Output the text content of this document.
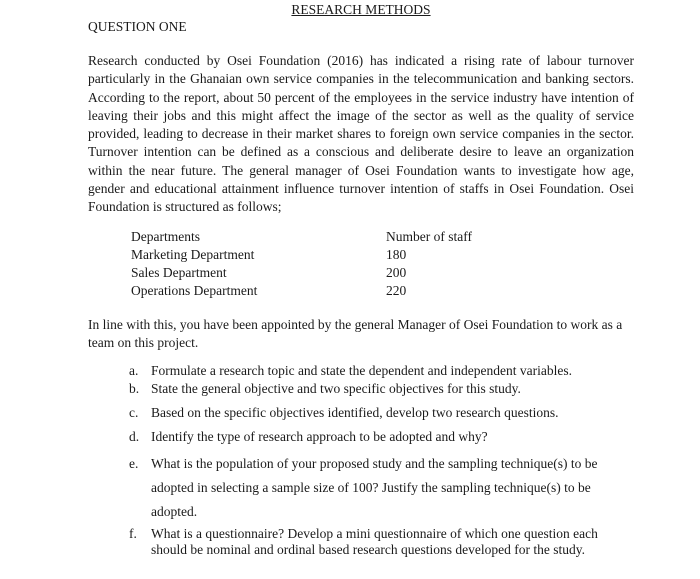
RESEARCH METHODS
QUESTION ONE

Research conducted by Osei Foundation (2016) has indicated a rising rate of labour turnover particularly in the Ghanaian own service companies in the telecommunication and banking sectors. According to the report, about 50 percent of the employees in the service industry have intention of leaving their jobs and this might affect the image of the sector as well as the quality of service provided, leading to decrease in their market shares to foreign own service companies in the sector. Turnover intention can be defined as a conscious and deliberate desire to leave an organization within the near future. The general manager of Osei Foundation wants to investigate how age, gender and educational attainment influence turnover intention of staffs in Osei Foundation. Osei Foundation is structured as follows;

Departments	Number of staff
Marketing Department	180
Sales Department	200
Operations Department	220

In line with this, you have been appointed by the general Manager of Osei Foundation to work as a team on this project.

a. Formulate a research topic and state the dependent and independent variables.
b. State the general objective and two specific objectives for this study.
c. Based on the specific objectives identified, develop two research questions.
d. Identify the type of research approach to be adopted and why?
e. What is the population of your proposed study and the sampling technique(s) to be adopted in selecting a sample size of 100? Justify the sampling technique(s) to be adopted.
f. What is a questionnaire? Develop a mini questionnaire of which one question each should be nominal and ordinal based research questions developed for the study.
